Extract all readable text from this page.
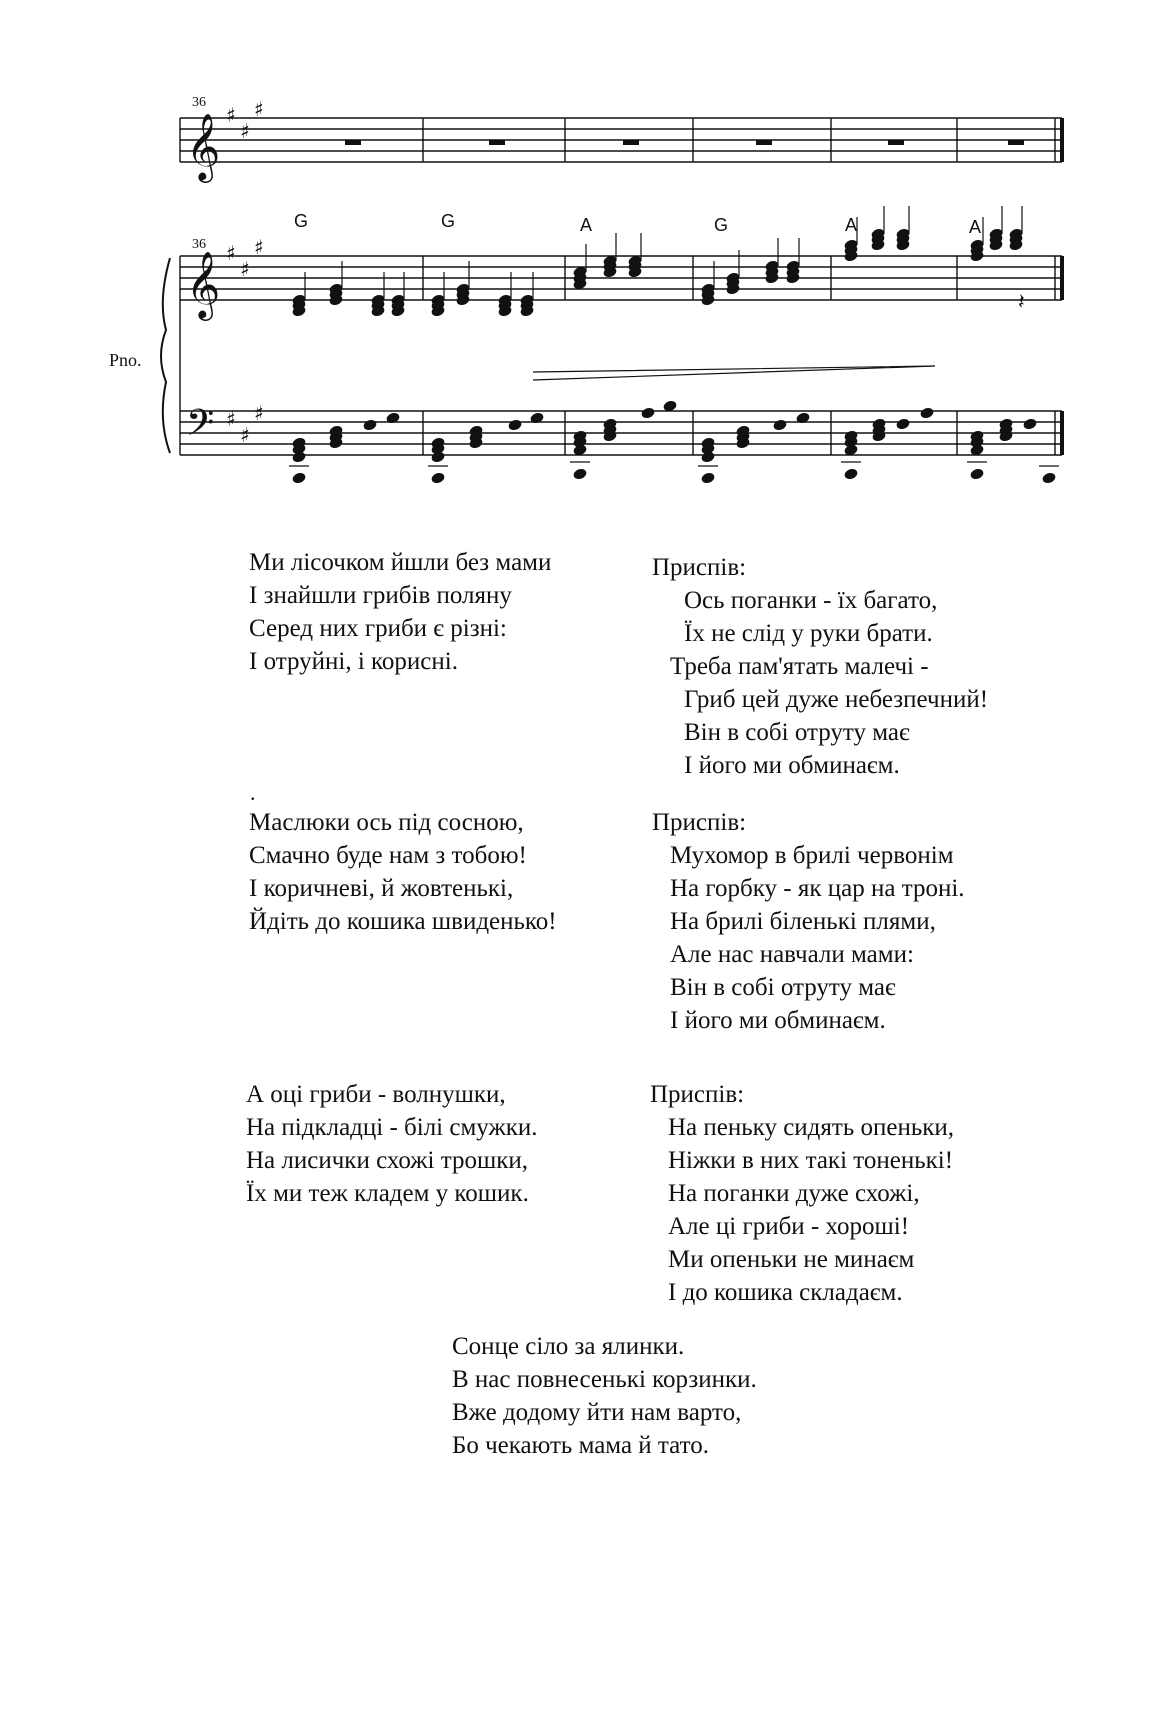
𝄞
𝄞
𝄢
♯
♯
♯
♯
♯
♯
♯
♯
♯
𝄽
36
36
Pno.
G	G	A	G	A	A
Ми лісочком йшли без мами
І знайшли грибів поляну
Серед них гриби є різні:
І отруйні, і корисні.
Приспів:
Ось поганки - їх багато,
Їх не слід у руки брати.
Треба пам'ятать малечі -
Гриб цей дуже небезпечний!
Він в собі отруту має
І його ми обминаєм.
.
Маслюки ось під сосною,
Смачно буде нам з тобою!
І коричневі, й жовтенькі,
Йдіть до кошика швиденько!
Приспів:
Мухомор в брилі червонім
На горбку - як цар на троні.
На брилі біленькі плями,
Але нас навчали мами:
Він в собі отруту має
І його ми обминаєм.
А оці гриби - волнушки,
На підкладці - білі смужки.
На лисички схожі трошки,
Їх ми теж кладем у кошик.
Приспів:
На пеньку сидять опеньки,
Ніжки в них такі тоненькі!
На поганки дуже схожі,
Але ці гриби - хороші!
Ми опеньки не минаєм
І до кошика складаєм.
Сонце сіло за ялинки.
В нас повнесенькі корзинки.
Вже додому йти нам варто,
Бо чекають мама й тато.
